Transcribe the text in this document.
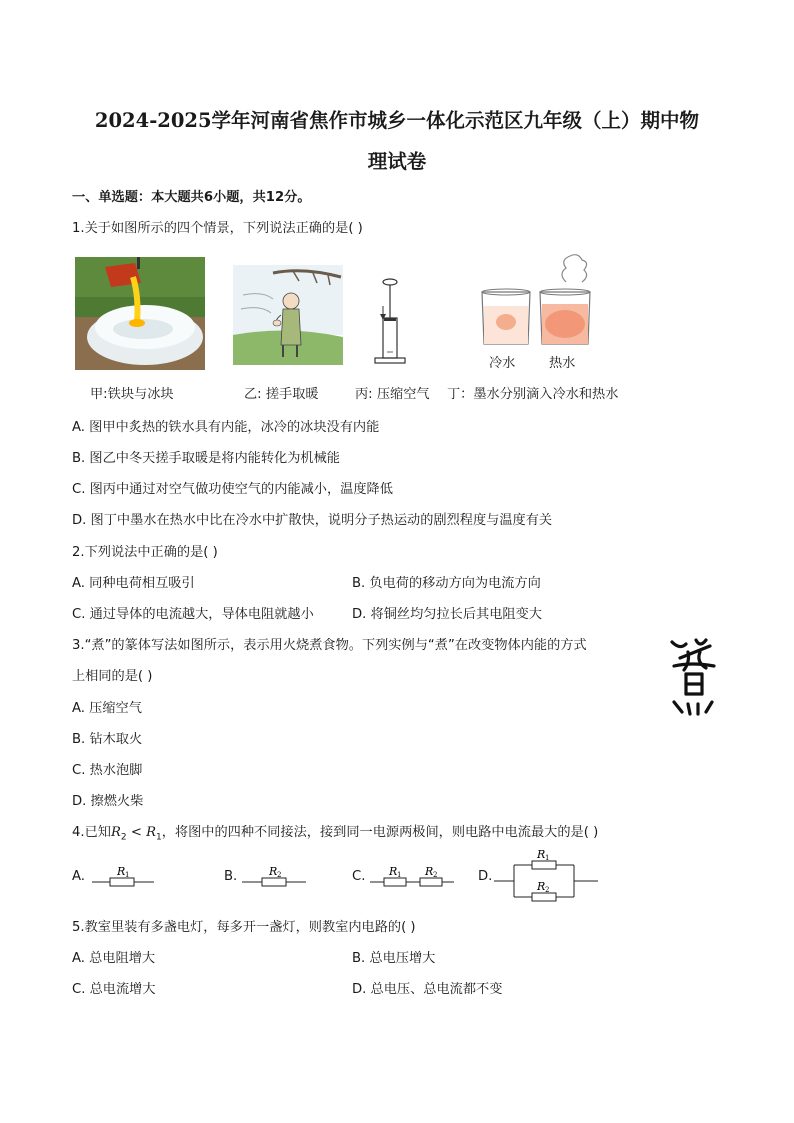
2024-2025学年河南省焦作市城乡一体化示范区九年级（上）期中物
理试卷
一、单选题：本大题共6小题，共12分。
1.关于如图所示的四个情景，下列说法正确的是( )
冷水	热水
甲:铁块与冰块	乙: 搓手取暖	丙: 压缩空气 丁：墨水分别滴入冷水和热水
A. 图甲中炙热的铁水具有内能，冰冷的冰块没有内能
B. 图乙中冬天搓手取暖是将内能转化为机械能
C. 图丙中通过对空气做功使空气的内能减小，温度降低
D. 图丁中墨水在热水中比在冷水中扩散快，说明分子热运动的剧烈程度与温度有关
2.下列说法中正确的是( )
A. 同种电荷相互吸引	B. 负电荷的移动方向为电流方向
C. 通过导体的电流越大，导体电阻就越小	D. 将铜丝均匀拉长后其电阻变大
3.“煮”的篆体写法如图所示，表示用火烧煮食物。下列实例与“煮”在改变物体内能的方式
上相同的是( )
A. 压缩空气
B. 钻木取火
C. 热水泡脚
D. 擦燃火柴
4.已知$R_2 < R_1$，将图中的四种不同接法，接到同一电源两极间，则电路中电流最大的是( )
A.	B.	C.	D.
R 1	R 2	R 1 R 2
R 1
R 2
5.教室里装有多盏电灯，每多开一盏灯，则教室内电路的( )
A. 总电阻增大	B. 总电压增大
C. 总电流增大	D. 总电压、总电流都不变
